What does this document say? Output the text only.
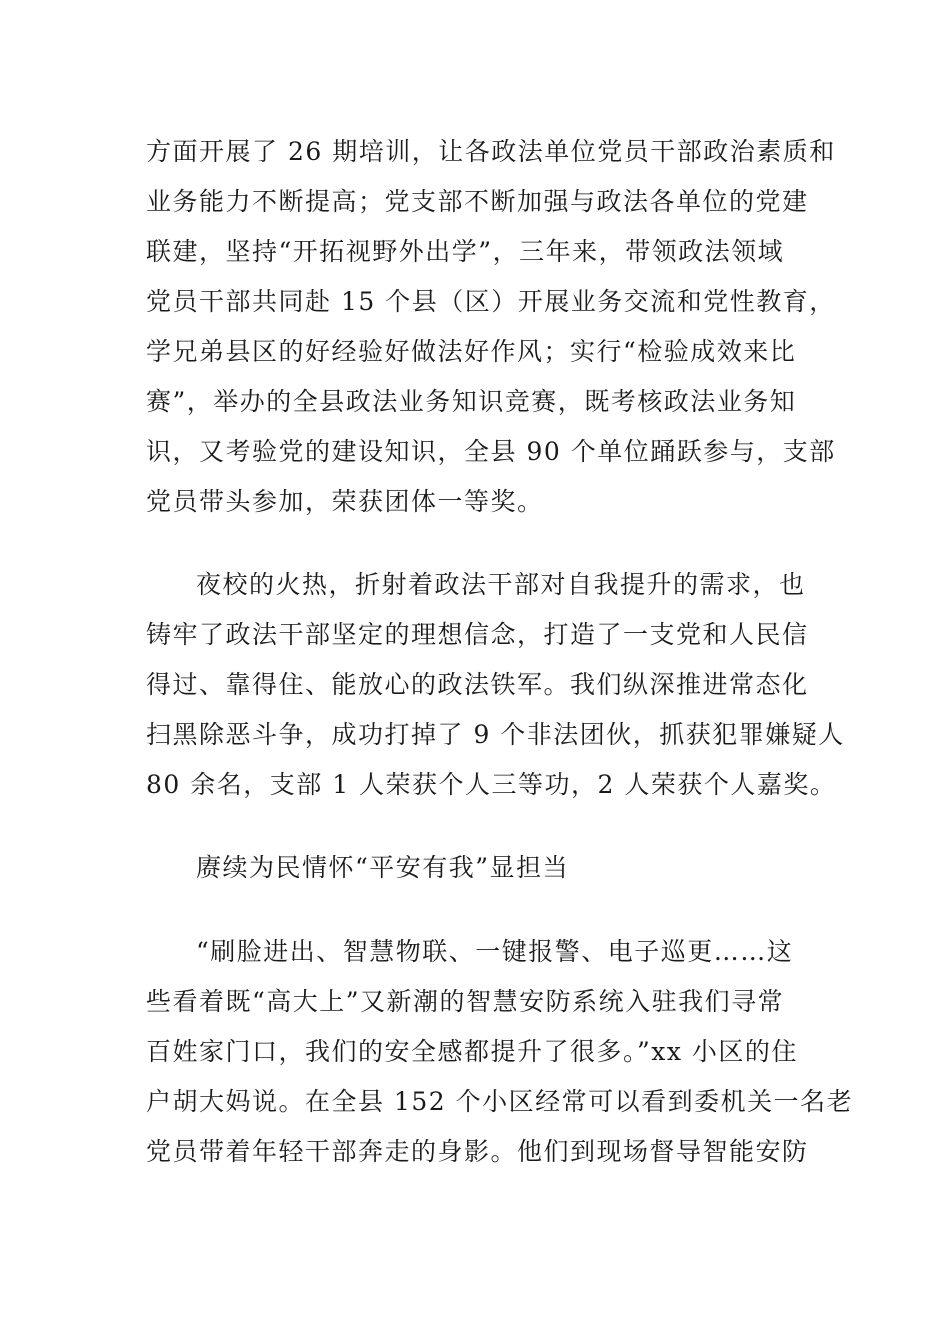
方面开展了 26 期培训，让各政法单位党员干部政治素质和
业务能力不断提高；党支部不断加强与政法各单位的党建
联建，坚持“开拓视野外出学”，三年来，带领政法领域
党员干部共同赴 15 个县（区）开展业务交流和党性教育，
学兄弟县区的好经验好做法好作风；实行“检验成效来比
赛”，举办的全县政法业务知识竞赛，既考核政法业务知
识，又考验党的建设知识，全县 90 个单位踊跃参与，支部
党员带头参加，荣获团体一等奖。
夜校的火热，折射着政法干部对自我提升的需求，也
铸牢了政法干部坚定的理想信念，打造了一支党和人民信
得过、靠得住、能放心的政法铁军。我们纵深推进常态化
扫黑除恶斗争，成功打掉了 9 个非法团伙，抓获犯罪嫌疑人
80 余名，支部 1 人荣获个人三等功，2 人荣获个人嘉奖。
赓续为民情怀“平安有我”显担当
“刷脸进出、智慧物联、一键报警、电子巡更……这
些看着既“高大上”又新潮的智慧安防系统入驻我们寻常
百姓家门口，我们的安全感都提升了很多。”xx 小区的住
户胡大妈说。在全县 152 个小区经常可以看到委机关一名老
党员带着年轻干部奔走的身影。他们到现场督导智能安防
